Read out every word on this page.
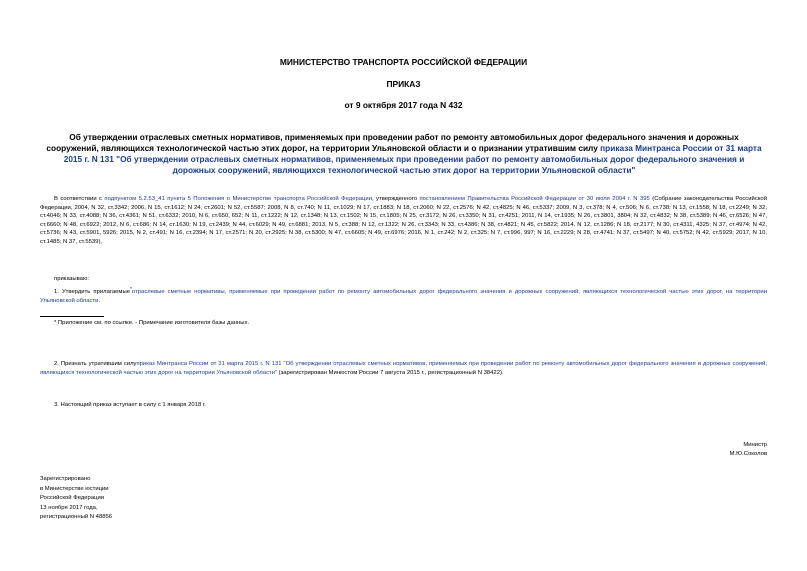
МИНИСТЕРСТВО ТРАНСПОРТА РОССИЙСКОЙ ФЕДЕРАЦИИ
ПРИКАЗ
от 9 октября 2017 года N 432
Об утверждении отраслевых сметных нормативов, применяемых при проведении работ по ремонту автомобильных дорог федерального значения и дорожных сооружений, являющихся технологической частью этих дорог, на территории Ульяновской области и о признании утратившим силу приказа Минтранса России от 31 марта 2015 г. N 131 "Об утверждении отраслевых сметных нормативов, применяемых при проведении работ по ремонту автомобильных дорог федерального значения и дорожных сооружений, являющихся технологической частью этих дорог на территории Ульяновской области"
В соответствии с подпунктом 5.2.53_41 пункта 5 Положения о Министерстве транспорта Российской Федерации, утвержденного постановлением Правительства Российской Федерации от 30 июля 2004 г. N 395 (Собрание законодательства Российской Федерации, 2004, N 32, ст.3342; 2006, N 15, ст.1612; N 24, ст.2601; N 52, ст.5587; 2008, N 8, ст.740; N 11, ст.1029; N 17, ст.1883; N 18, ст.2060; N 22, ст.2576; N 42, ст.4825; N 46, ст.5337; 2009, N 3, ст.378; N 4, ст.506; N 6, ст.738; N 13, ст.1558; N 18, ст.2249; N 32, ст.4046; N 33, ст.4088; N 36, ст.4361; N 51, ст.6332; 2010, N 6, ст.650, 652; N 11, ст.1222; N 12, ст.1348; N 13, ст.1502; N 15, ст.1805; N 25, ст.3172; N 26, ст.3350; N 31, ст.4251; 2011, N 14, ст.1935; N 26, ст.3801, 3804; N 32, ст.4832; N 38, ст.5389; N 46, ст.6526; N 47, ст.6660; N 48, ст.6922; 2012, N 6, ст.686; N 14, ст.1630; N 19, ст.2439; N 44, ст.6029; N 49, ст.6881; 2013, N 5, ст.388; N 12, ст.1322; N 26, ст.3343; N 33, ст.4386; N 38, ст.4821; N 45, ст.5822; 2014, N 12, ст.1286; N 18, ст.2177; N 30, ст.4311, 4325; N 37, ст.4974; N 42, ст.5736; N 43, ст.5901, 5926; 2015, N 2, ст.491; N 16, ст.2394; N 17, ст.2571; N 20, ст.2925; N 38, ст.5300; N 47, ст.6605; N 49, ст.6976; 2016, N 1, ст.242; N 2, ст.325; N 7, ст.996, 997; N 16, ст.2229; N 28, ст.4741; N 37, ст.5497; N 40, ст.5752; N 42, ст.5929; 2017, N 10, ст.1485; N 37, ст.5539),
приказываю:
1. Утвердить прилагаемые*отраслевые сметные нормативы, применяемые при проведении работ по ремонту автомобильных дорог федерального значения и дорожных сооружений, являющихся технологической частью этих дорог, на территории Ульяновской области.
* Приложение см. по ссылке. - Примечание изготовителя базы данных.
2. Признать утратившим силуприказ Минтранса России от 31 марта 2015 г. N 131 "Об утверждении отраслевых сметных нормативов, применяемых при проведении работ по ремонту автомобильных дорог федерального значения и дорожных сооружений, являющихся технологической частью этих дорог на территории Ульяновской области" (зарегистрирован Минюстом России 7 августа 2015 г., регистрационный N 38422).
3. Настоящий приказ вступает в силу с 1 января 2018 г.
Министр
М.Ю.Соколов
Зарегистрировано
в Министерстве юстиции
Российской Федерации
13 ноября 2017 года,
регистрационный N 48856
